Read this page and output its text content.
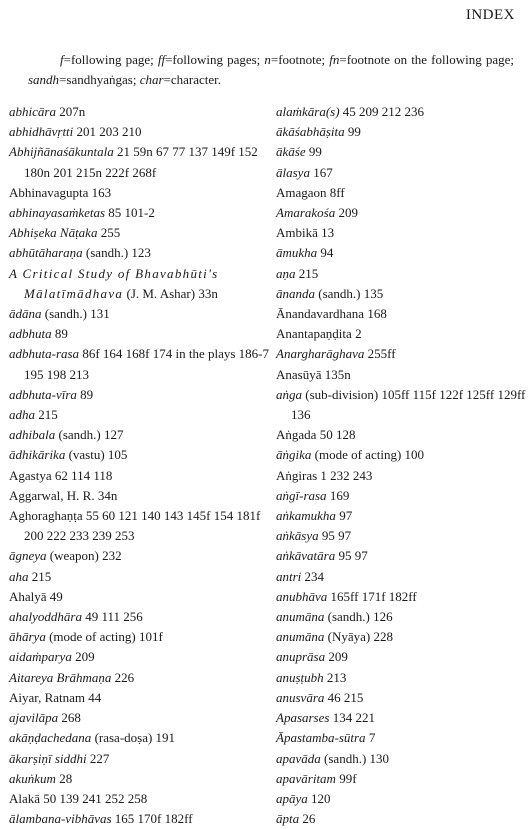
INDEX
f=following page; ff=following pages; n=footnote; fn=footnote on the following page; sandh=sandhyaṅgas; char=character.
abhicāra 207n
abhidhāvṛtti 201 203 210
Abhijñānaśākuntala 21 59n 67 77 137 149f 152 180n 201 215n 222f 268f
Abhinavagupta 163
abhinayasaṁketas 85 101-2
Abhiṣeka Nāṭaka 255
abhūtāharaṇa (sandh.) 123
A Critical Study of Bhavabhūti's Mālatīmādhava (J. M. Ashar) 33n
ādāna (sandh.) 131
adbhuta 89
adbhuta-rasa 86f 164 168f 174 in the plays 186-7 195 198 213
adbhuta-vīra 89
adha 215
adhibala (sandh.) 127
ādhikārika (vastu) 105
Agastya 62 114 118
Aggarwal, H. R. 34n
Aghoraghaṇṭa 55 60 121 140 143 145f 154 181f 200 222 233 239 253
āgneya (weapon) 232
aha 215
Ahalyā 49
ahalyoddhāra 49 111 256
āhārya (mode of acting) 101f
aidaṁparya 209
Aitareya Brāhmaṇa 226
Aiyar, Ratnam 44
ajavilāpa 268
akāṇḍachedana (rasa-doṣa) 191
ākarṣiṇī siddhi 227
akuṅkum 28
Alakā 50 139 241 252 258
ālambana-vibhāvas 165 170f 182ff
alaṁkāra(s) 45 209 212 236
ākāśabhāṣita 99
ākāśe 99
ālasya 167
Amagaon 8ff
Amarakośa 209
Ambikā 13
āmukha 94
aṇa 215
ānanda (sandh.) 135
Ānandavardhana 168
Anantapaṇḍita 2
Anargharāghava 255ff
Anasūyā 135n
aṅga (sub-division) 105ff 115f 122f 125ff 129ff 136
Aṅgada 50 128
āṅgika (mode of acting) 100
Aṅgiras 1 232 243
aṅgī-rasa 169
aṅkamukha 97
aṅkāsya 95 97
aṅkāvatāra 95 97
antri 234
anubhāva 165ff 171f 182ff
anumāna (sandh.) 126
anumāna (Nyāya) 228
anuprāsa 209
anuṣṭubh 213
anusvāra 46 215
Apasarses 134 221
Āpastamba-sūtra 7
apavāda (sandh.) 130
apavāritam 99f
apāya 120
āpta 26
